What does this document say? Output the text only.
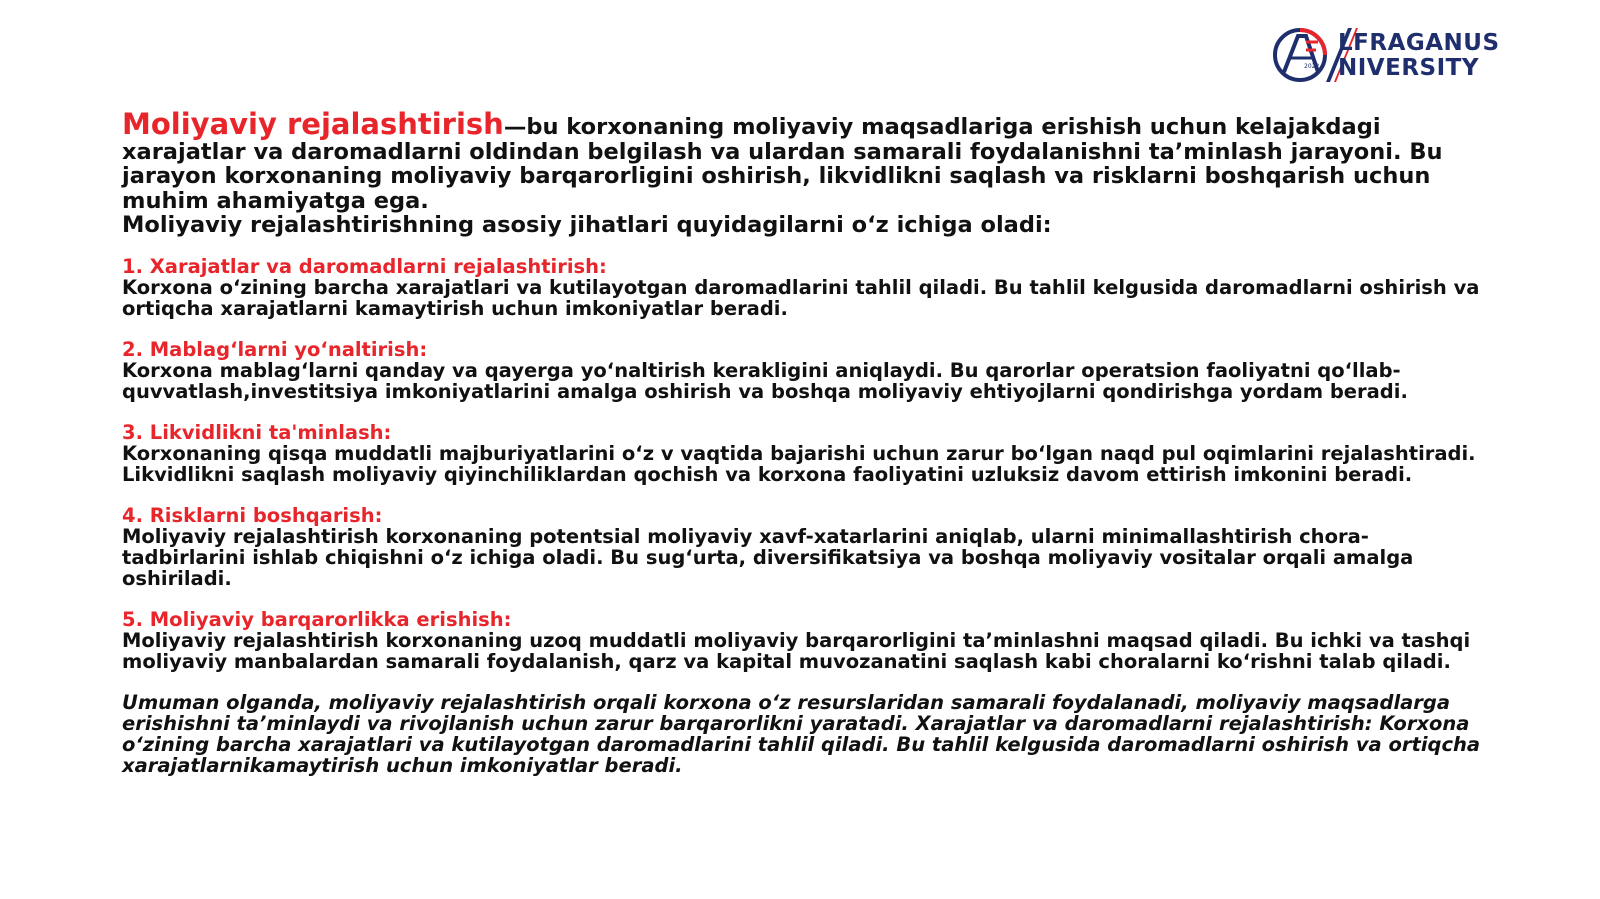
2022
LFRAGANUS
NIVERSITY

Moliyaviy rejalashtirish—bu korxonaning moliyaviy maqsadlariga erishish uchun kelajakdagi xarajatlar va daromadlarni oldindan belgilash va ulardan samarali foydalanishni ta’minlash jarayoni. Bu jarayon korxonaning moliyaviy barqarorligini oshirish, likvidlikni saqlash va risklarni boshqarish uchun muhim ahamiyatga ega.
Moliyaviy rejalashtirishning asosiy jihatlari quyidagilarni o‘z ichiga oladi:

1. Xarajatlar va daromadlarni rejalashtirish:
Korxona o‘zining barcha xarajatlari va kutilayotgan daromadlarini tahlil qiladi. Bu tahlil kelgusida daromadlarni oshirish va ortiqcha xarajatlarni kamaytirish uchun imkoniyatlar beradi.
2. Mablag‘larni yo‘naltirish:
Korxona mablag‘larni qanday va qayerga yo‘naltirish kerakligini aniqlaydi. Bu qarorlar operatsion faoliyatni qo‘llab-quvvatlash,investitsiya imkoniyatlarini amalga oshirish va boshqa moliyaviy ehtiyojlarni qondirishga yordam beradi.
3. Likvidlikni ta'minlash:
Korxonaning qisqa muddatli majburiyatlarini o‘z v vaqtida bajarishi uchun zarur bo‘lgan naqd pul oqimlarini rejalashtiradi. Likvidlikni saqlash moliyaviy qiyinchiliklardan qochish va korxona faoliyatini uzluksiz davom ettirish imkonini beradi.
4. Risklarni boshqarish:
Moliyaviy rejalashtirish korxonaning potentsial moliyaviy xavf-xatarlarini aniqlab, ularni minimallashtirish chora-tadbirlarini ishlab chiqishni o‘z ichiga oladi. Bu sug‘urta, diversifikatsiya va boshqa moliyaviy vositalar orqali amalga oshiriladi.
5. Moliyaviy barqarorlikka erishish:
Moliyaviy rejalashtirish korxonaning uzoq muddatli moliyaviy barqarorligini ta’minlashni maqsad qiladi. Bu ichki va tashqi moliyaviy manbalardan samarali foydalanish, qarz va kapital muvozanatini saqlash kabi choralarni ko‘rishni talab qiladi.

Umuman olganda, moliyaviy rejalashtirish orqali korxona o‘z resurslaridan samarali foydalanadi, moliyaviy maqsadlarga erishishni ta’minlaydi va rivojlanish uchun zarur barqarorlikni yaratadi. Xarajatlar va daromadlarni rejalashtirish: Korxona o‘zining barcha xarajatlari va kutilayotgan daromadlarini tahlil qiladi. Bu tahlil kelgusida daromadlarni oshirish va ortiqcha xarajatlarnikamaytirish uchun imkoniyatlar beradi.
